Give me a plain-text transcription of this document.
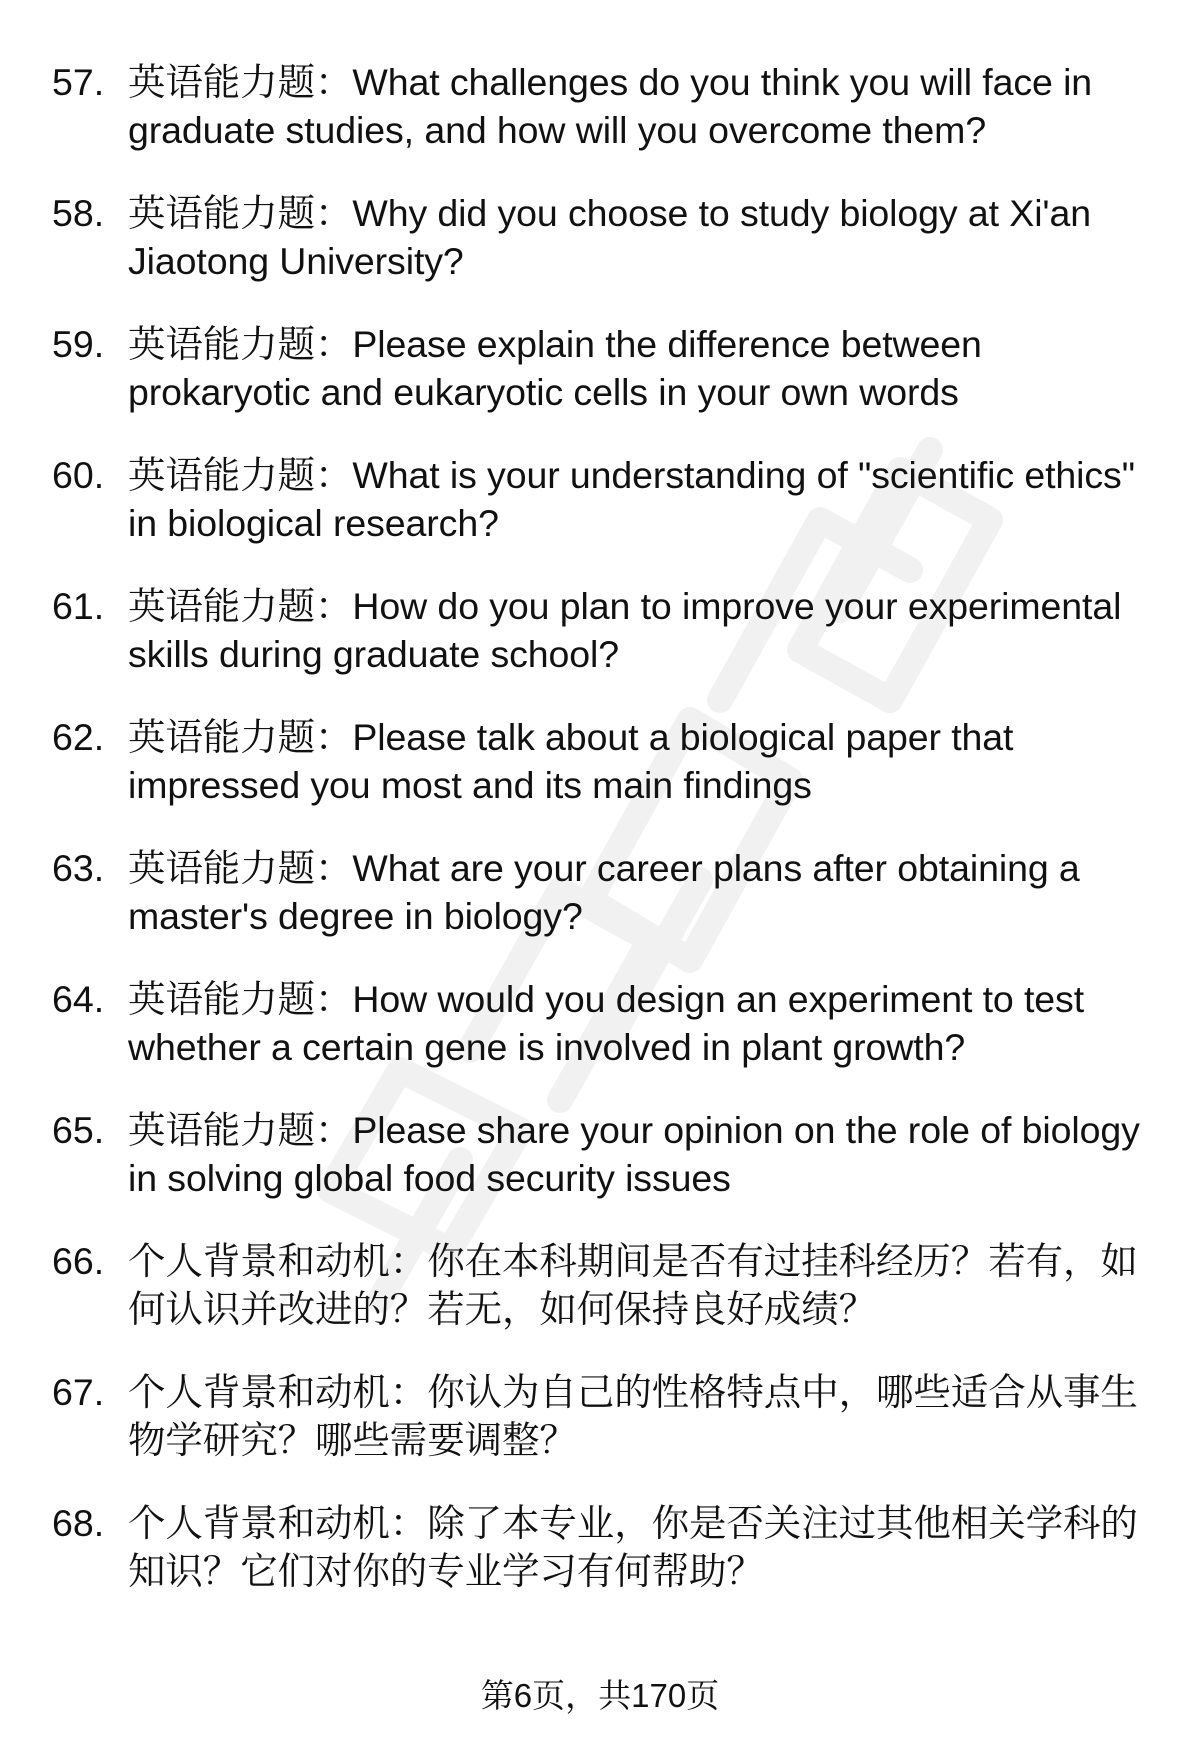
57. 英语能力题：What challenges do you think you will face in graduate studies, and how will you overcome them?
58. 英语能力题：Why did you choose to study biology at Xi'an Jiaotong University?
59. 英语能力题：Please explain the difference between prokaryotic and eukaryotic cells in your own words
60. 英语能力题：What is your understanding of "scientific ethics" in biological research?
61. 英语能力题：How do you plan to improve your experimental skills during graduate school?
62. 英语能力题：Please talk about a biological paper that impressed you most and its main findings
63. 英语能力题：What are your career plans after obtaining a master's degree in biology?
64. 英语能力题：How would you design an experiment to test whether a certain gene is involved in plant growth?
65. 英语能力题：Please share your opinion on the role of biology in solving global food security issues
66. 个人背景和动机：你在本科期间是否有过挂科经历？若有，如何认识并改进的？若无，如何保持良好成绩？
67. 个人背景和动机：你认为自己的性格特点中，哪些适合从事生物学研究？哪些需要调整？
68. 个人背景和动机：除了本专业，你是否关注过其他相关学科的知识？它们对你的专业学习有何帮助？
第6页，共170页
